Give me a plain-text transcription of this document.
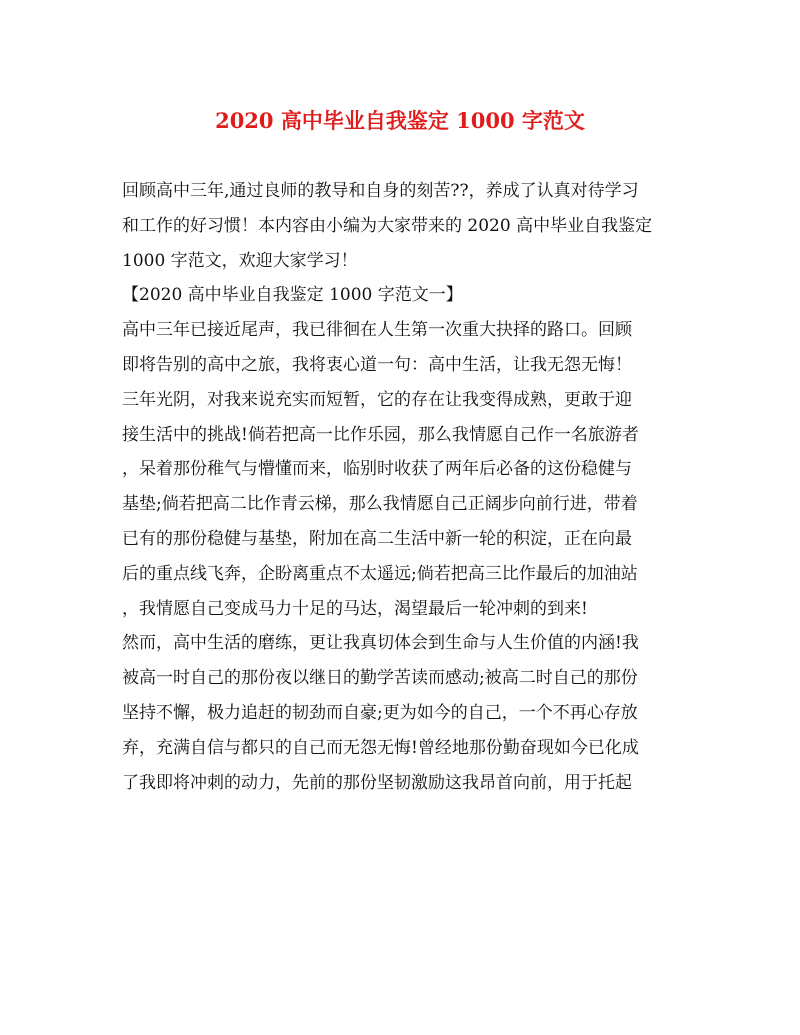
2020 高中毕业自我鉴定 1000 字范文
回顾高中三年,通过良师的教导和自身的刻苦??，养成了认真对待学习
和工作的好习惯！本内容由小编为大家带来的 2020 高中毕业自我鉴定
1000 字范文，欢迎大家学习！
【2020 高中毕业自我鉴定 1000 字范文一】
高中三年已接近尾声，我已徘徊在人生第一次重大抉择的路口。回顾
即将告别的高中之旅，我将衷心道一句：高中生活，让我无怨无悔！
三年光阴，对我来说充实而短暂，它的存在让我变得成熟，更敢于迎
接生活中的挑战!倘若把高一比作乐园，那么我情愿自己作一名旅游者
，呆着那份稚气与懵懂而来，临别时收获了两年后必备的这份稳健与
基垫;倘若把高二比作青云梯，那么我情愿自己正阔步向前行进，带着
已有的那份稳健与基垫，附加在高二生活中新一轮的积淀，正在向最
后的重点线飞奔，企盼离重点不太遥远;倘若把高三比作最后的加油站
，我情愿自己变成马力十足的马达，渴望最后一轮冲刺的到来!
然而，高中生活的磨练，更让我真切体会到生命与人生价值的内涵!我
被高一时自己的那份夜以继日的勤学苦读而感动;被高二时自己的那份
坚持不懈，极力追赶的韧劲而自豪;更为如今的自己，一个不再心存放
弃，充满自信与都只的自己而无怨无悔!曾经地那份勤奋现如今已化成
了我即将冲刺的动力，先前的那份坚韧激励这我昂首向前，用于托起
